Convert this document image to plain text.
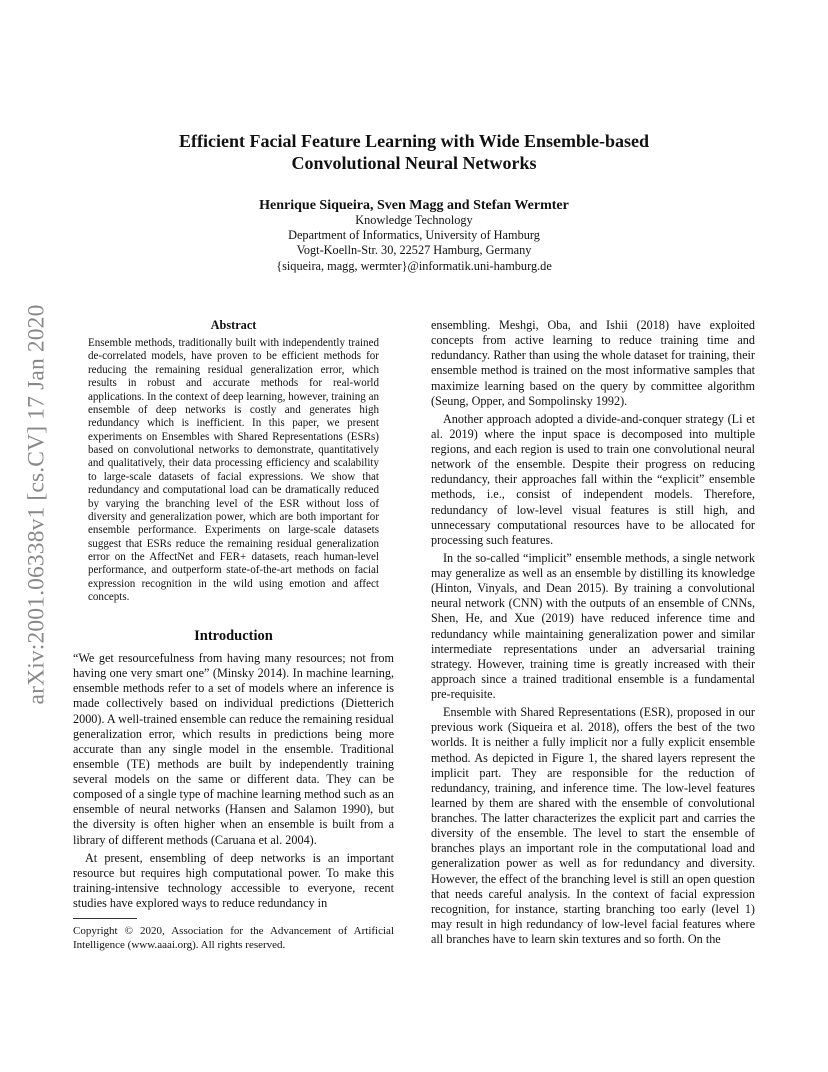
arXiv:2001.06338v1 [cs.CV] 17 Jan 2020
Efficient Facial Feature Learning with Wide Ensemble-based
Convolutional Neural Networks
Henrique Siqueira, Sven Magg and Stefan Wermter
Knowledge Technology
Department of Informatics, University of Hamburg
Vogt-Koelln-Str. 30, 22527 Hamburg, Germany
{siqueira, magg, wermter}@informatik.uni-hamburg.de
Abstract
Ensemble methods, traditionally built with independently trained de-correlated models, have proven to be efficient methods for reducing the remaining residual generalization error, which results in robust and accurate methods for real-world applications. In the context of deep learning, however, training an ensemble of deep networks is costly and generates high redundancy which is inefficient. In this paper, we present experiments on Ensembles with Shared Representations (ESRs) based on convolutional networks to demonstrate, quantitatively and qualitatively, their data processing efficiency and scalability to large-scale datasets of facial expressions. We show that redundancy and computational load can be dramatically reduced by varying the branching level of the ESR without loss of diversity and generalization power, which are both important for ensemble performance. Experiments on large-scale datasets suggest that ESRs reduce the remaining residual generalization error on the AffectNet and FER+ datasets, reach human-level performance, and outperform state-of-the-art methods on facial expression recognition in the wild using emotion and affect concepts.
Introduction

“We get resourcefulness from having many resources; not from having one very smart one” (Minsky 2014). In machine learning, ensemble methods refer to a set of models where an inference is made collectively based on individual predictions (Dietterich 2000). A well-trained ensemble can reduce the remaining residual generalization error, which results in predictions being more accurate than any single model in the ensemble. Traditional ensemble (TE) methods are built by independently training several models on the same or different data. They can be composed of a single type of machine learning method such as an ensemble of neural networks (Hansen and Salamon 1990), but the diversity is often higher when an ensemble is built from a library of different methods (Caruana et al. 2004).

At present, ensembling of deep networks is an important resource but requires high computational power. To make this training-intensive technology accessible to everyone, recent studies have explored ways to reduce redundancy in

Copyright © 2020, Association for the Advancement of Artificial Intelligence (www.aaai.org). All rights reserved.

ensembling. Meshgi, Oba, and Ishii (2018) have exploited concepts from active learning to reduce training time and redundancy. Rather than using the whole dataset for training, their ensemble method is trained on the most informative samples that maximize learning based on the query by committee algorithm (Seung, Opper, and Sompolinsky 1992).

Another approach adopted a divide-and-conquer strategy (Li et al. 2019) where the input space is decomposed into multiple regions, and each region is used to train one convolutional neural network of the ensemble. Despite their progress on reducing redundancy, their approaches fall within the “explicit” ensemble methods, i.e., consist of independent models. Therefore, redundancy of low-level visual features is still high, and unnecessary computational resources have to be allocated for processing such features.

In the so-called “implicit” ensemble methods, a single network may generalize as well as an ensemble by distilling its knowledge (Hinton, Vinyals, and Dean 2015). By training a convolutional neural network (CNN) with the outputs of an ensemble of CNNs, Shen, He, and Xue (2019) have reduced inference time and redundancy while maintaining generalization power and similar intermediate representations under an adversarial training strategy. However, training time is greatly increased with their approach since a trained traditional ensemble is a fundamental pre-requisite.

Ensemble with Shared Representations (ESR), proposed in our previous work (Siqueira et al. 2018), offers the best of the two worlds. It is neither a fully implicit nor a fully explicit ensemble method. As depicted in Figure 1, the shared layers represent the implicit part. They are responsible for the reduction of redundancy, training, and inference time. The low-level features learned by them are shared with the ensemble of convolutional branches. The latter characterizes the explicit part and carries the diversity of the ensemble. The level to start the ensemble of branches plays an important role in the computational load and generalization power as well as for redundancy and diversity. However, the effect of the branching level is still an open question that needs careful analysis. In the context of facial expression recognition, for instance, starting branching too early (level 1) may result in high redundancy of low-level facial features where all branches have to learn skin textures and so forth. On the
